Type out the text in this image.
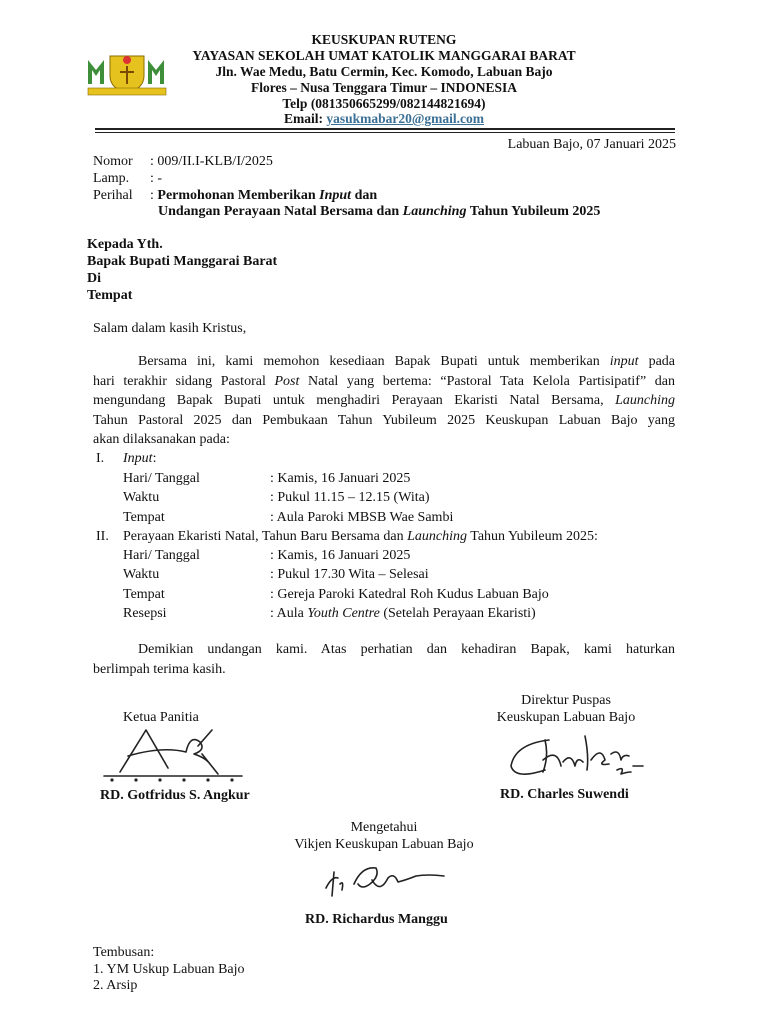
KEUSKUPAN RUTENG
YAYASAN SEKOLAH UMAT KATOLIK MANGGARAI BARAT
Jln. Wae Medu, Batu Cermin, Kec. Komodo, Labuan Bajo
Flores – Nusa Tenggara Timur – INDONESIA
Telp (081350665299/082144821694)
Email: yasukmabar20@gmail.com
Labuan Bajo, 07 Januari 2025
Nomor : 009/II.I-KLB/I/2025
Lamp. : -
Perihal : Permohonan Memberikan Input dan
Undangan Perayaan Natal Bersama dan Launching Tahun Yubileum 2025
Kepada Yth.
Bapak Bupati Manggarai Barat
Di
Tempat
Salam dalam kasih Kristus,
Bersama ini, kami memohon kesediaan Bapak Bupati untuk memberikan input pada
hari terakhir sidang Pastoral Post Natal yang bertema: “Pastoral Tata Kelola Partisipatif” dan
mengundang Bapak Bupati untuk menghadiri Perayaan Ekaristi Natal Bersama, Launching
Tahun Pastoral 2025 dan Pembukaan Tahun Yubileum 2025 Keuskupan Labuan Bajo yang
akan dilaksanakan pada:
I. Input:
Hari/ Tanggal	: Kamis, 16 Januari 2025
Waktu	: Pukul 11.15 – 12.15 (Wita)
Tempat	: Aula Paroki MBSB Wae Sambi
II. Perayaan Ekaristi Natal, Tahun Baru Bersama dan Launching Tahun Yubileum 2025:
Hari/ Tanggal	: Kamis, 16 Januari 2025
Waktu	: Pukul 17.30 Wita – Selesai
Tempat	: Gereja Paroki Katedral Roh Kudus Labuan Bajo
Resepsi	: Aula Youth Centre (Setelah Perayaan Ekaristi)
Demikian undangan kami. Atas perhatian dan kehadiran Bapak, kami haturkan
berlimpah terima kasih.
Ketua Panitia
RD. Gotfridus S. Angkur
Direktur Puspas
Keuskupan Labuan Bajo
RD. Charles Suwendi
Mengetahui
Vikjen Keuskupan Labuan Bajo
RD. Richardus Manggu
Tembusan:
1. YM Uskup Labuan Bajo
2. Arsip
